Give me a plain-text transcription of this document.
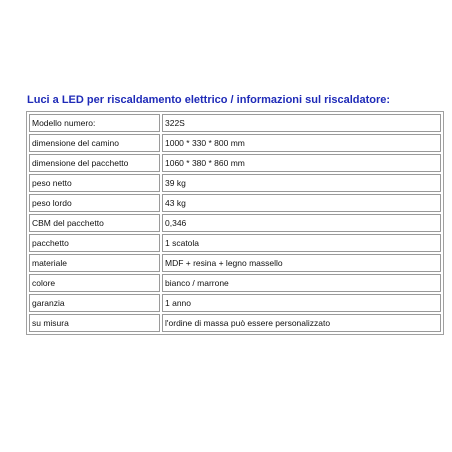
Luci a LED per riscaldamento elettrico / informazioni sul riscaldatore:
Modello numero:	322S
dimensione del camino	1000 * 330 * 800 mm
dimensione del pacchetto	1060 * 380 * 860 mm
peso netto	39 kg
peso lordo	43 kg
CBM del pacchetto	0,346
pacchetto	1 scatola
materiale	MDF + resina + legno massello
colore	bianco / marrone
garanzia	1 anno
su misura	l'ordine di massa può essere personalizzato
